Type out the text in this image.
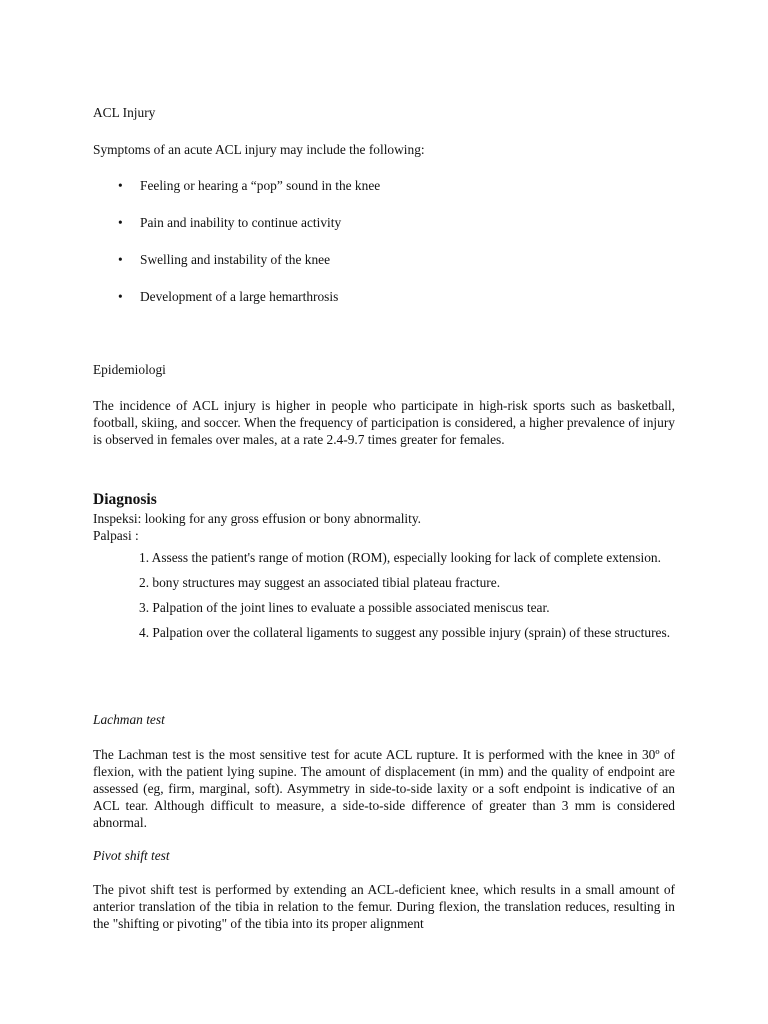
ACL Injury

Symptoms of an acute ACL injury may include the following:

• Feeling or hearing a “pop” sound in the knee
• Pain and inability to continue activity
• Swelling and instability of the knee
• Development of a large hemarthrosis

Epidemiologi

The incidence of ACL injury is higher in people who participate in high-risk sports such as basketball, football, skiing, and soccer. When the frequency of participation is considered, a higher prevalence of injury is observed in females over males, at a rate 2.4-9.7 times greater for females.

Diagnosis

Inspeksi: looking for any gross effusion or bony abnormality.

Palpasi :

1. Assess the patient's range of motion (ROM), especially looking for lack of complete extension.
2. bony structures may suggest an associated tibial plateau fracture.
3. Palpation of the joint lines to evaluate a possible associated meniscus tear.
4. Palpation over the collateral ligaments to suggest any possible injury (sprain) of these structures.

Lachman test

The Lachman test is the most sensitive test for acute ACL rupture. It is performed with the knee in 30º of flexion, with the patient lying supine. The amount of displacement (in mm) and the quality of endpoint are assessed (eg, firm, marginal, soft). Asymmetry in side-to-side laxity or a soft endpoint is indicative of an ACL tear. Although difficult to measure, a side-to-side difference of greater than 3 mm is considered abnormal.

Pivot shift test

The pivot shift test is performed by extending an ACL-deficient knee, which results in a small amount of anterior translation of the tibia in relation to the femur. During flexion, the translation reduces, resulting in the "shifting or pivoting" of the tibia into its proper alignment
